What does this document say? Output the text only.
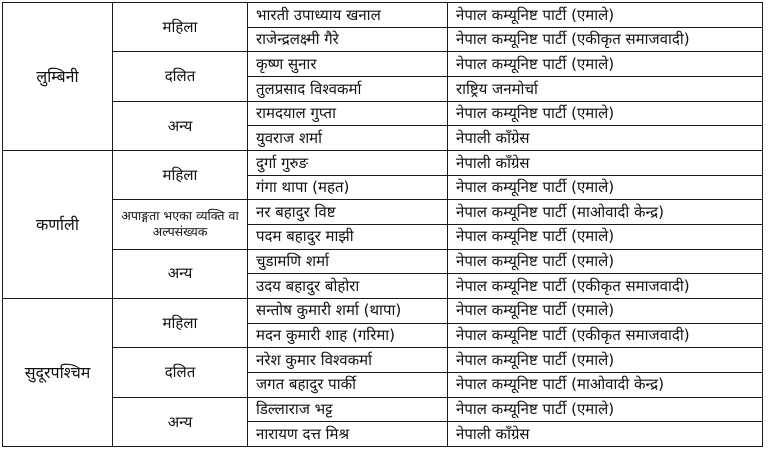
लुम्बिनी	महिला	भारती उपाध्याय खनाल	नेपाल कम्यूनिष्ट पार्टी (एमाले)
		राजेन्द्रलक्ष्मी गैरे	नेपाल कम्यूनिष्ट पार्टी (एकीकृत समाजवादी)
	दलित	कृष्ण सुनार	नेपाल कम्यूनिष्ट पार्टी (एमाले)
		तुलप्रसाद विश्वकर्मा	राष्ट्रिय जनमोर्चा
	अन्य	रामदयाल गुप्ता	नेपाल कम्यूनिष्ट पार्टी (एमाले)
		युवराज शर्मा	नेपाली काँग्रेस
कर्णाली	महिला	दुर्गा गुरुङ	नेपाली काँग्रेस
		गंगा थापा (महत)	नेपाल कम्यूनिष्ट पार्टी (एमाले)
	अपाङ्गता भएका व्यक्ति वा अल्पसंख्यक	नर बहादुर विष्ट	नेपाल कम्यूनिष्ट पार्टी (माओवादी केन्द्र)
		पदम बहादुर माझी	नेपाल कम्यूनिष्ट पार्टी (एमाले)
	अन्य	चुडामणि शर्मा	नेपाल कम्यूनिष्ट पार्टी (एमाले)
		उदय बहादुर बोहोरा	नेपाल कम्यूनिष्ट पार्टी (एकीकृत समाजवादी)
सुदूरपश्चिम	महिला	सन्तोष कुमारी शर्मा (थापा)	नेपाल कम्यूनिष्ट पार्टी (एमाले)
		मदन कुमारी शाह (गरिमा)	नेपाल कम्यूनिष्ट पार्टी (एकीकृत समाजवादी)
	दलित	नरेश कुमार विश्वकर्मा	नेपाल कम्यूनिष्ट पार्टी (एमाले)
		जगत बहादुर पार्की	नेपाल कम्यूनिष्ट पार्टी (माओवादी केन्द्र)
	अन्य	डिल्लाराज भट्ट	नेपाल कम्यूनिष्ट पार्टी (एमाले)
		नारायण दत्त मिश्र	नेपाली काँग्रेस
